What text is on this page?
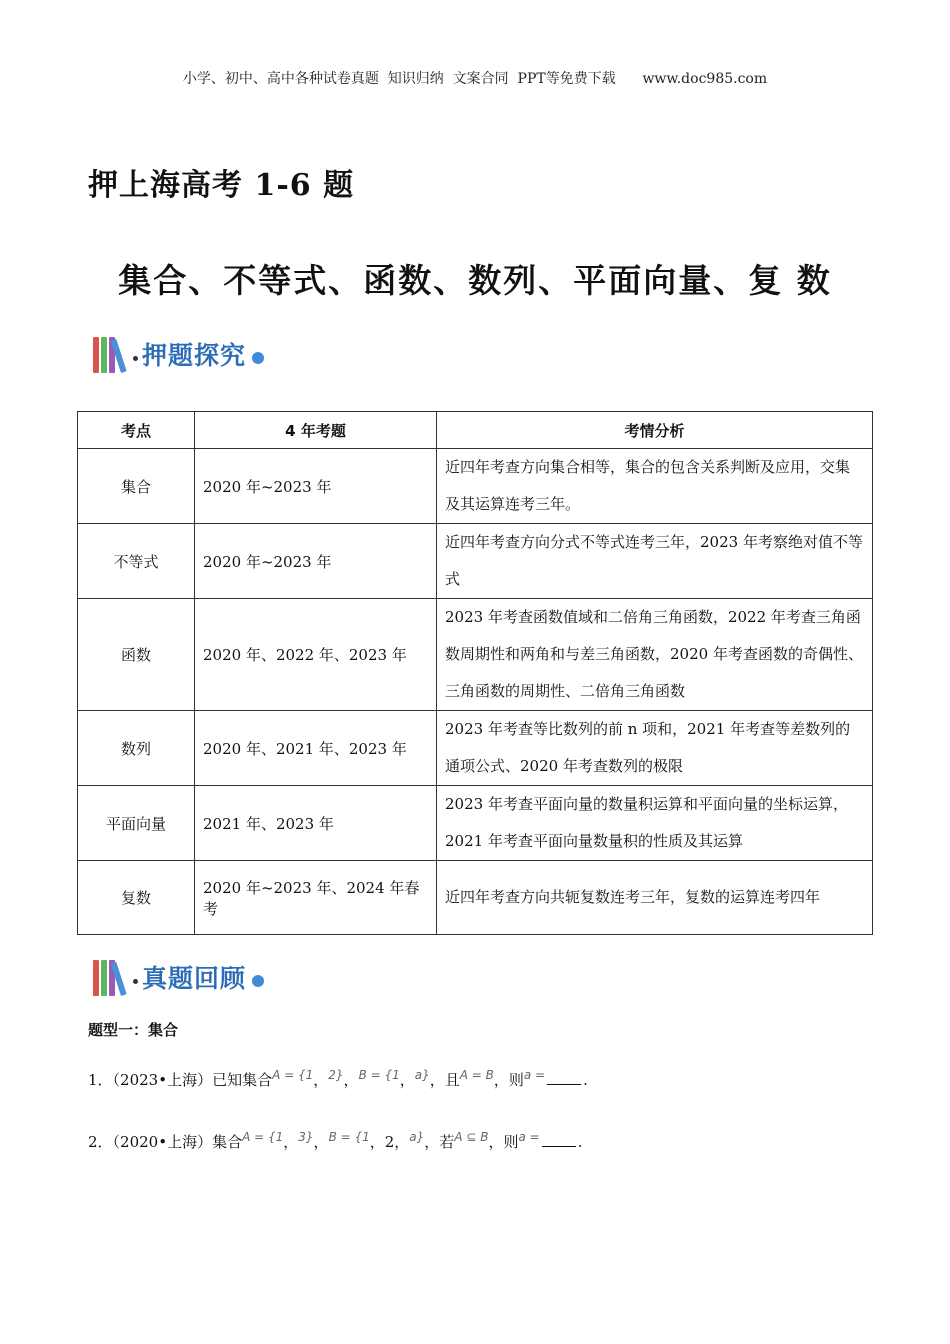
小学、初中、高中各种试卷真题  知识归纳  文案合同  PPT等免费下载      www.doc985.com
押上海高考 1-6 题
集合、不等式、函数、数列、平面向量、复 数
押题探究
考点	4 年考题	考情分析
集合	2020 年~2023 年	近四年考查方向集合相等，集合的包含关系判断及应用，交集及其运算连考三年。
不等式	2020 年~2023 年	近四年考查方向分式不等式连考三年，2023 年考察绝对值不等式
函数	2020 年、2022 年、2023 年	2023 年考查函数值域和二倍角三角函数，2022 年考查三角函数周期性和两角和与差三角函数，2020 年考查函数的奇偶性、三角函数的周期性、二倍角三角函数
数列	2020 年、2021 年、2023 年	2023 年考查等比数列的前 n 项和，2021 年考查等差数列的通项公式、2020 年考查数列的极限
平面向量	2021 年、2023 年	2023 年考查平面向量的数量积运算和平面向量的坐标运算，2021 年考查平面向量数量积的性质及其运算
复数	2020 年~2023 年、2024 年春考	近四年考查方向共轭复数连考三年，复数的运算连考四年
真题回顾
题型一：集合
1．（2023•上海）已知集合$^{A = \{1}$，$^{2\}}$，$^{B = \{1}$，$^{a\}}$，且$^{A = B}$，则$^{a =}$	.
2．（2020•上海）集合$^{A = \{1}$，$^{3\}}$，$^{B = \{1}$，2，$^{a\}}$，若$^{A ⊆ B}$，则$^{a =}$	.
